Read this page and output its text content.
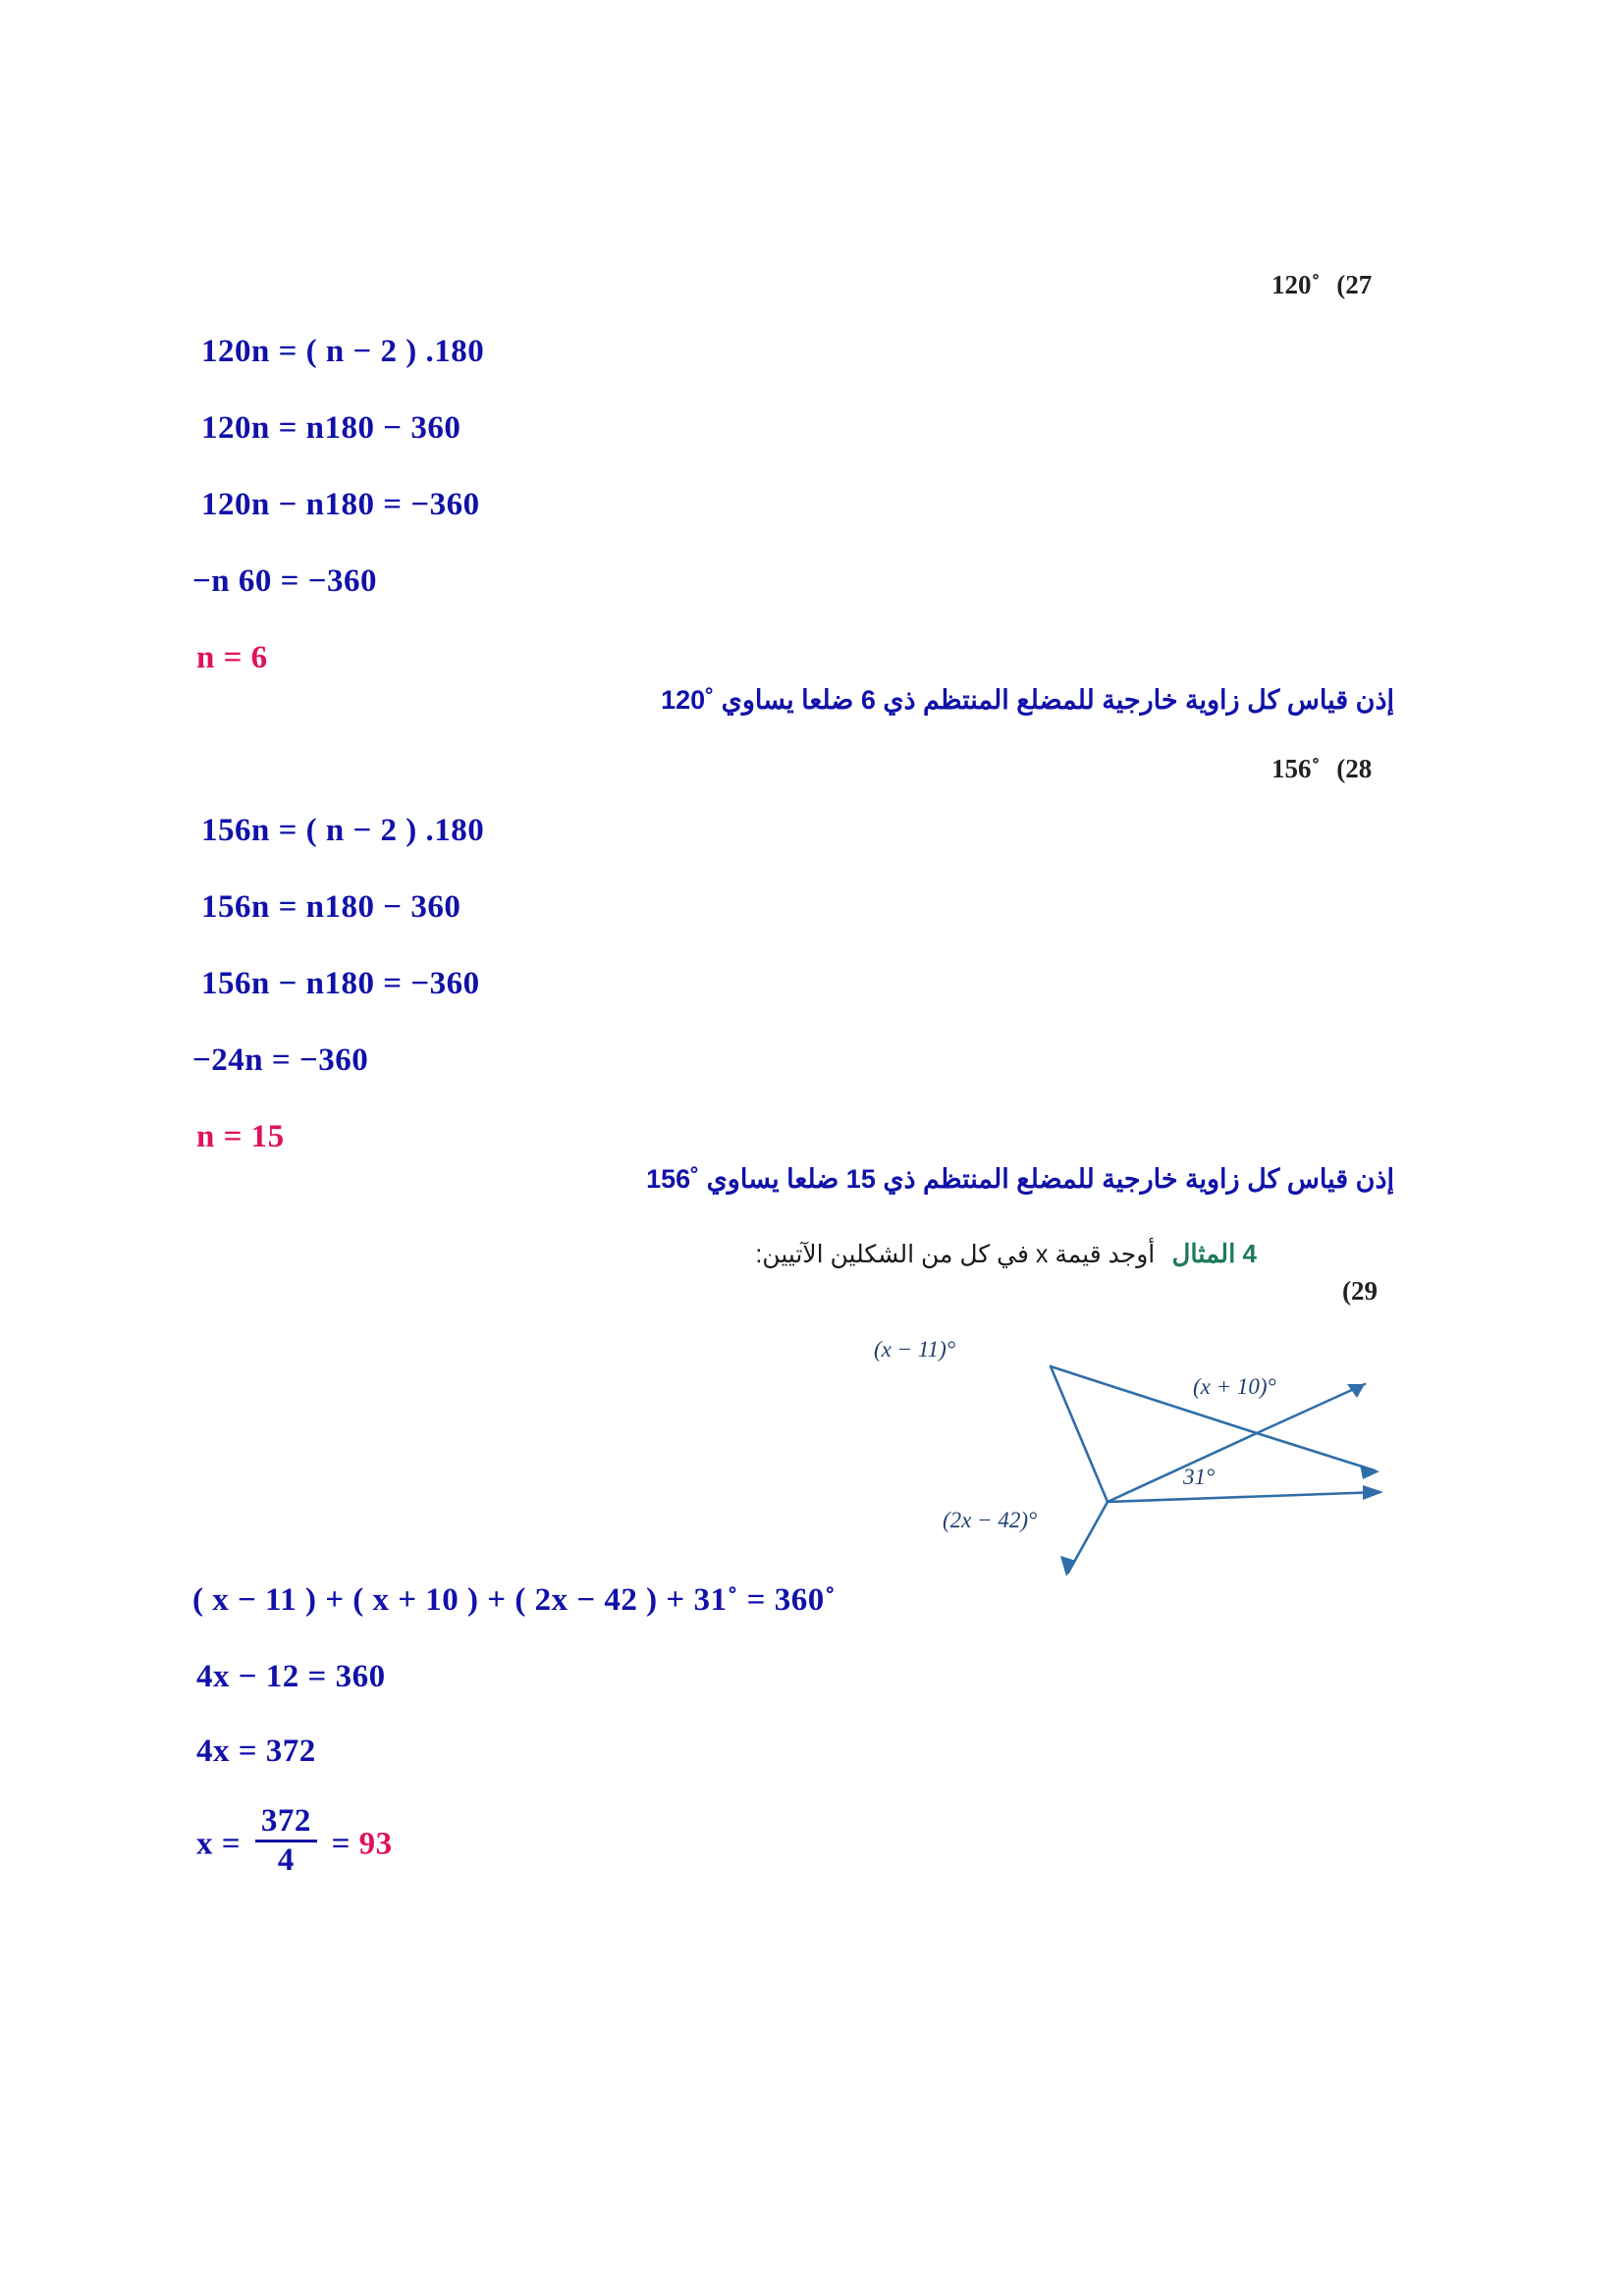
120˚ (27
120n = ( n − 2 ) .180
120n = n180 − 360
120n − n180 = −360
−n 60 = −360
n = 6
إذن قياس كل زاوية خارجية للمضلع المنتظم ذي 6 ضلعا يساوي ˚120
156˚ (28
156n = ( n − 2 ) .180
156n = n180 − 360
156n − n180 = −360
−24n = −360
n = 15
إذن قياس كل زاوية خارجية للمضلع المنتظم ذي 15 ضلعا يساوي ˚156
4 المثال أوجد قيمة x في كل من الشكلين الآتيين:
(29
(x − 11)°
(x + 10)°
31°
(2x − 42)°
( x − 11 ) + ( x + 10 ) + ( 2x − 42 ) + 31˚ = 360˚
4x − 12 = 360
4x = 372
$x = \frac{372}{4} = 93$
